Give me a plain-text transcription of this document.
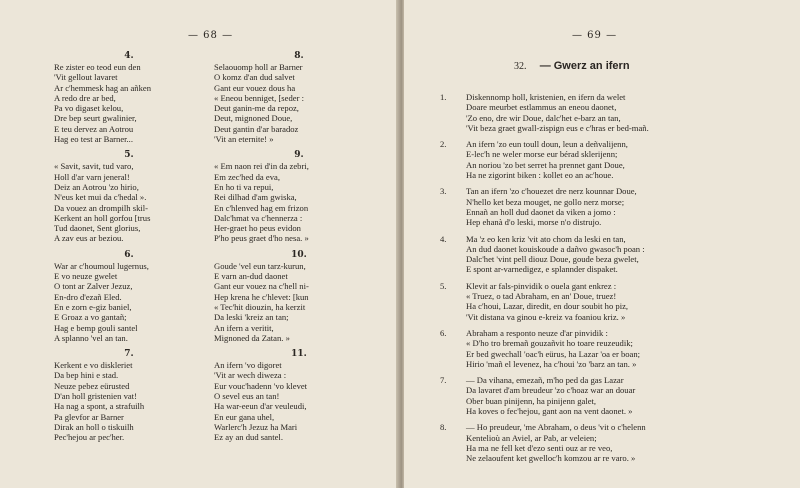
— 68 —
4.
Re zister eo teod eun den
'Vit gellout lavaret
Ar c'hemmesk hag an añken
A redo dre ar bed,
Pa vo digaset kelou,
Dre bep seurt gwalinier,
E teu dervez an Aotrou
Hag eo test ar Barner...
5.
« Savit, savit, tud varo,
Holl d'ar varn jeneral!
Deiz an Aotrou 'zo hirio,
N'eus ket mui da c'hedal ».
Da vouez an drompilh skil-
Kerkent an holl gorfou [trus
Tud daonet, Sent glorius,
A zav eus ar beziou.
6.
War ar c'houmoul lugernus,
E vo neuze gwelet
O tont ar Zalver Jezuz,
En-dro d'ezañ Eled.
En e zorn e-giz baniel,
E Groaz a vo gantañ;
Hag e bemp gouli santel
A splanno 'vel an tan.
7.
Kerkent e vo diskleriet
Da bep hini e stad.
Neuze pebez eürusted
D'an holl gristenien vat!
Ha nag a spont, a strafuilh
Pa glevfor ar Barner
Dirak an holl o tiskuilh
Pec'hejou ar pec'her.
8.
Selaouomp holl ar Barner
O komz d'an dud salvet
Gant eur vouez dous ha
« Eneou benniget, [seder :
Deut ganin-me da repoz,
Deut, mignoned Doue,
Deut gantin d'ar baradoz
'Vit an eternite! »
9.
« Em naon rei d'in da zebri,
Em zec'hed da eva,
En ho ti va repui,
Rei dilhad d'am gwiska,
En c'hlenved hag em frizon
Dalc'hmat va c'hennerza :
Her-graet ho peus evidon
P'ho peus graet d'ho nesa. »
10.
Goude 'vel eun tarz-kurun,
E varn an-dud daonet
Gant eur vouez na c'hell ni-
Hep krena he c'hlevet: [kun
« Tec'hit diouzin, ha kerzit
Da leski 'kreiz an tan;
An ifern a veritit,
Mignoned da Zatan. »
11.
An ifern 'vo digoret
'Vit ar wech diweza :
Eur vouc'hadenn 'vo klevet
O sevel eus an tan!
Ha war-eeun d'ar veuleudi,
En eur gana uhel,
Warlerc'h Jezuz ha Mari
Ez ay an dud santel.
— 69 —
32. — Gwerz an ifern
1.	Diskennomp holl, kristenien, en ifern da welet
Doare meurbet estlammus an eneou daonet,
'Zo eno, dre wir Doue, dalc'het e-barz an tan,
'Vit beza graet gwall-zispign eus e c'hras er bed-mañ.
2.	An ifern 'zo eun toull doun, leun a deñvalijenn,
E-lec'h ne weler morse eur bérad sklerijenn;
An noriou 'zo bet serret ha prennet gant Doue,
Ha ne zigorint biken : kollet eo an ac'houe.
3.	Tan an ifern 'zo c'houezet dre nerz kounnar Doue,
N'hello ket beza mouget, ne gollo nerz morse;
Ennañ an holl dud daonet da viken a jomo :
Hep ehanà d'o leski, morse n'o distrujo.
4.	Ma 'z eo ken kriz 'vit ato chom da leski en tan,
An dud daonet kouiskoude a dañvo gwasoc'h poan :
Dalc'het 'vint pell diouz Doue, goude beza gwelet,
E spont ar-varnedigez, e splannder dispaket.
5.	Klevit ar fals-pinvidik o ouela gant enkrez :
« Truez, o tad Abraham, en an' Doue, truez!
Ha c'houi, Lazar, diredit, en dour soubit ho piz,
'Vit distana va ginou e-kreiz va foaniou kriz. »
6.	Abraham a responto neuze d'ar pinvidik :
« D'ho tro bremañ gouzañvit ho toare reuzeudik;
Er bed gwechall 'oac'h eürus, ha Lazar 'oa er boan;
Hirio 'mañ el levenez, ha c'houi 'zo 'barz an tan. »
7.	— Da vihana, emezañ, m'ho ped da gas Lazar
Da lavaret d'am breudeur 'zo c'hoaz war an douar
Ober buan pinijenn, ha pinijenn galet,
Ha koves o fec'hejou, gant aon na vent daonet. »
8.	— Ho preudeur, 'me Abraham, o deus 'vit o c'helenn
Kentelioù an Aviel, ar Pab, ar veleien;
Ha ma ne fell ket d'ezo senti ouz ar re veo,
Ne zelaoufent ket gwelloc'h komzou ar re varo. »
